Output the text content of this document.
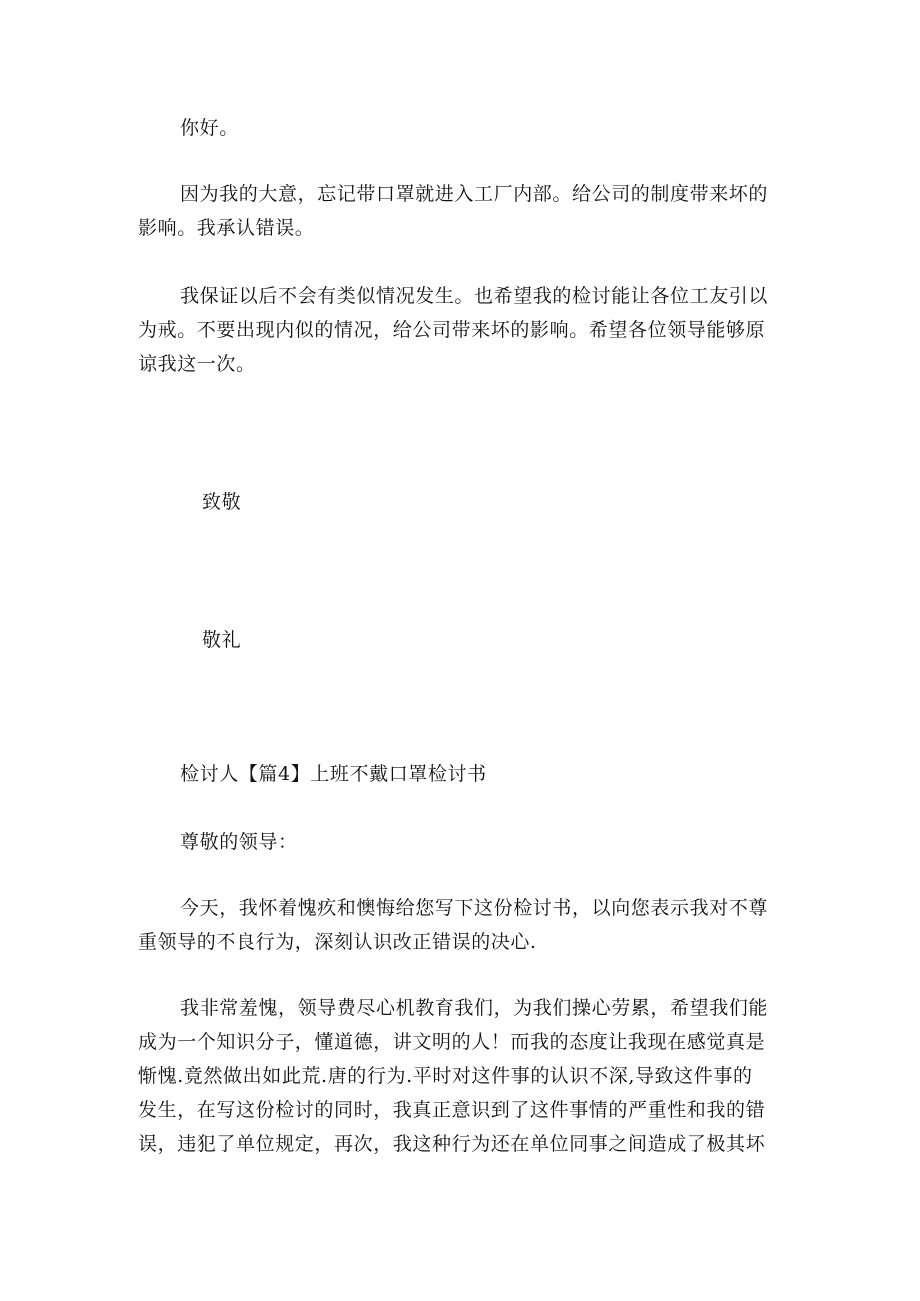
你好。
因为我的大意，忘记带口罩就进入工厂内部。给公司的制度带来坏的
影响。我承认错误。
我保证以后不会有类似情况发生。也希望我的检讨能让各位工友引以
为戒。不要出现内似的情况，给公司带来坏的影响。希望各位领导能够原
谅我这一次。
致敬
敬礼
检讨人【篇4】上班不戴口罩检讨书
尊敬的领导：
今天，我怀着愧疚和懊悔给您写下这份检讨书，以向您表示我对不尊
重领导的不良行为，深刻认识改正错误的决心.
我非常羞愧，领导费尽心机教育我们，为我们操心劳累，希望我们能
成为一个知识分子，懂道德，讲文明的人！而我的态度让我现在感觉真是
惭愧.竟然做出如此荒.唐的行为.平时对这件事的认识不深,导致这件事的
发生，在写这份检讨的同时，我真正意识到了这件事情的严重性和我的错
误，违犯了单位规定，再次，我这种行为还在单位同事之间造成了极其坏
